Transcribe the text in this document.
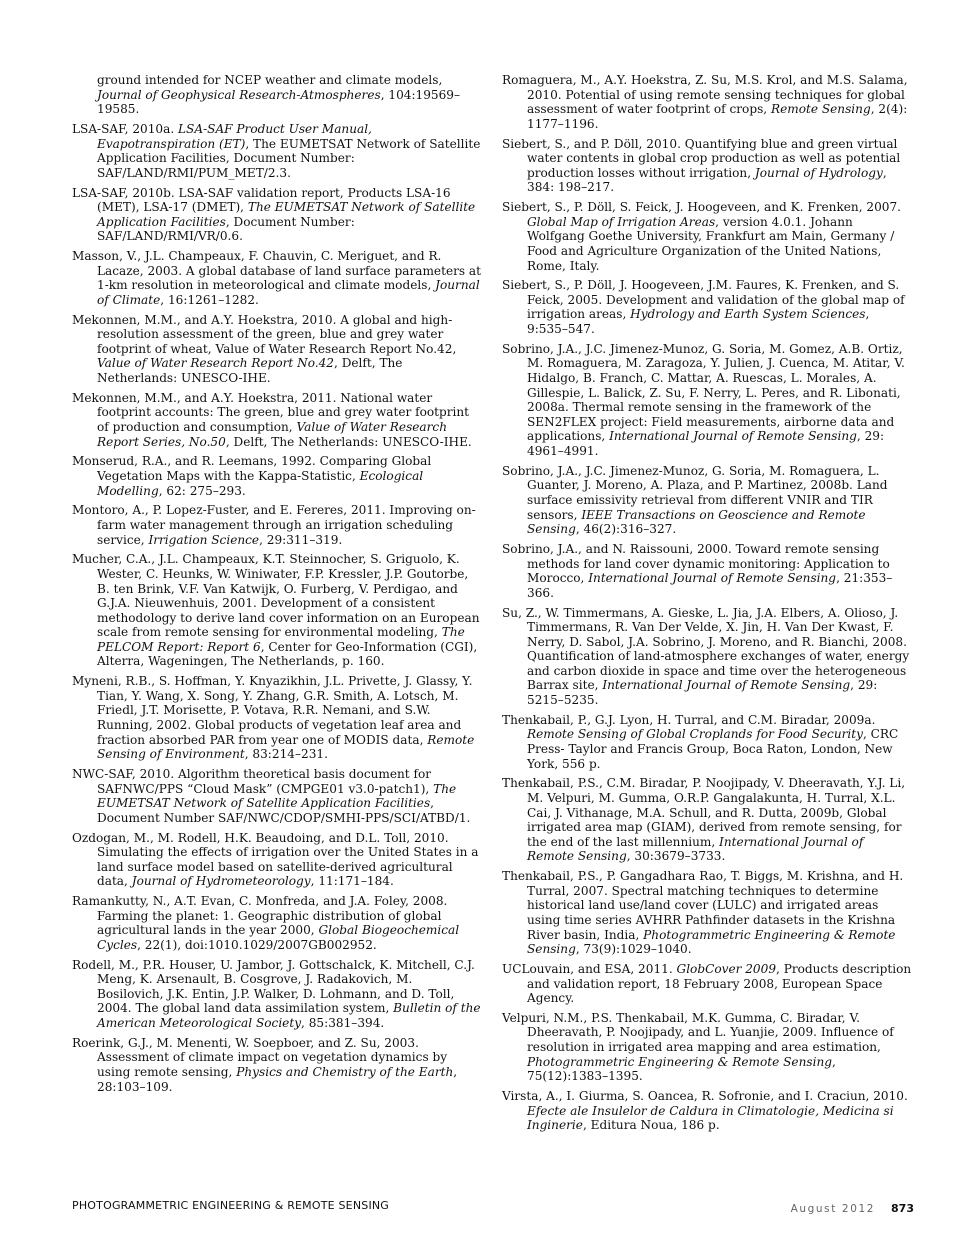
ground intended for NCEP weather and climate models, Journal of Geophysical Research-Atmospheres, 104:19569–19585.

LSA-SAF, 2010a. LSA-SAF Product User Manual, Evapotranspiration (ET), The EUMETSAT Network of Satellite Application Facilities, Document Number: SAF/LAND/RMI/PUM_MET/2.3.

LSA-SAF, 2010b. LSA-SAF validation report, Products LSA-16 (MET), LSA-17 (DMET), The EUMETSAT Network of Satellite Application Facilities, Document Number: SAF/LAND/RMI/VR/0.6.

Masson, V., J.L. Champeaux, F. Chauvin, C. Meriguet, and R. Lacaze, 2003. A global database of land surface parameters at 1-km resolution in meteorological and climate models, Journal of Climate, 16:1261–1282.

Mekonnen, M.M., and A.Y. Hoekstra, 2010. A global and high-resolution assessment of the green, blue and grey water footprint of wheat, Value of Water Research Report No.42, Value of Water Research Report No.42, Delft, The Netherlands: UNESCO-IHE.

Mekonnen, M.M., and A.Y. Hoekstra, 2011. National water footprint accounts: The green, blue and grey water footprint of production and consumption, Value of Water Research Report Series, No.50, Delft, The Netherlands: UNESCO-IHE.

Monserud, R.A., and R. Leemans, 1992. Comparing Global Vegetation Maps with the Kappa-Statistic, Ecological Modelling, 62: 275–293.

Montoro, A., P. Lopez-Fuster, and E. Fereres, 2011. Improving on-farm water management through an irrigation scheduling service, Irrigation Science, 29:311–319.

Mucher, C.A., J.L. Champeaux, K.T. Steinnocher, S. Griguolo, K. Wester, C. Heunks, W. Winiwater, F.P. Kressler, J.P. Goutorbe, B. ten Brink, V.F. Van Katwijk, O. Furberg, V. Perdigao, and G.J.A. Nieuwenhuis, 2001. Development of a consistent methodology to derive land cover information on an European scale from remote sensing for environmental modeling, The PELCOM Report: Report 6, Center for Geo-Information (CGI), Alterra, Wageningen, The Netherlands, p. 160.

Myneni, R.B., S. Hoffman, Y. Knyazikhin, J.L. Privette, J. Glassy, Y. Tian, Y. Wang, X. Song, Y. Zhang, G.R. Smith, A. Lotsch, M. Friedl, J.T. Morisette, P. Votava, R.R. Nemani, and S.W. Running, 2002. Global products of vegetation leaf area and fraction absorbed PAR from year one of MODIS data, Remote Sensing of Environment, 83:214–231.

NWC-SAF, 2010. Algorithm theoretical basis document for SAFNWC/PPS “Cloud Mask” (CMPGE01 v3.0-patch1), The EUMETSAT Network of Satellite Application Facilities, Document Number SAF/NWC/CDOP/SMHI-PPS/SCI/ATBD/1.

Ozdogan, M., M. Rodell, H.K. Beaudoing, and D.L. Toll, 2010. Simulating the effects of irrigation over the United States in a land surface model based on satellite-derived agricultural data, Journal of Hydrometeorology, 11:171–184.

Ramankutty, N., A.T. Evan, C. Monfreda, and J.A. Foley, 2008. Farming the planet: 1. Geographic distribution of global agricultural lands in the year 2000, Global Biogeochemical Cycles, 22(1), doi:1010.1029/2007GB002952.

Rodell, M., P.R. Houser, U. Jambor, J. Gottschalck, K. Mitchell, C.J. Meng, K. Arsenault, B. Cosgrove, J. Radakovich, M. Bosilovich, J.K. Entin, J.P. Walker, D. Lohmann, and D. Toll, 2004. The global land data assimilation system, Bulletin of the American Meteorological Society, 85:381–394.

Roerink, G.J., M. Menenti, W. Soepboer, and Z. Su, 2003. Assessment of climate impact on vegetation dynamics by using remote sensing, Physics and Chemistry of the Earth, 28:103–109.

Romaguera, M., A.Y. Hoekstra, Z. Su, M.S. Krol, and M.S. Salama, 2010. Potential of using remote sensing techniques for global assessment of water footprint of crops, Remote Sensing, 2(4): 1177–1196.

Siebert, S., and P. Döll, 2010. Quantifying blue and green virtual water contents in global crop production as well as potential production losses without irrigation, Journal of Hydrology, 384: 198–217.

Siebert, S., P. Döll, S. Feick, J. Hoogeveen, and K. Frenken, 2007. Global Map of Irrigation Areas, version 4.0.1. Johann Wolfgang Goethe University, Frankfurt am Main, Germany / Food and Agriculture Organization of the United Nations, Rome, Italy.

Siebert, S., P. Döll, J. Hoogeveen, J.M. Faures, K. Frenken, and S. Feick, 2005. Development and validation of the global map of irrigation areas, Hydrology and Earth System Sciences, 9:535–547.

Sobrino, J.A., J.C. Jimenez-Munoz, G. Soria, M. Gomez, A.B. Ortiz, M. Romaguera, M. Zaragoza, Y. Julien, J. Cuenca, M. Atitar, V. Hidalgo, B. Franch, C. Mattar, A. Ruescas, L. Morales, A. Gillespie, L. Balick, Z. Su, F. Nerry, L. Peres, and R. Libonati, 2008a. Thermal remote sensing in the framework of the SEN2FLEX project: Field measurements, airborne data and applications, International Journal of Remote Sensing, 29: 4961–4991.

Sobrino, J.A., J.C. Jimenez-Munoz, G. Soria, M. Romaguera, L. Guanter, J. Moreno, A. Plaza, and P. Martinez, 2008b. Land surface emissivity retrieval from different VNIR and TIR sensors, IEEE Transactions on Geoscience and Remote Sensing, 46(2):316–327.

Sobrino, J.A., and N. Raissouni, 2000. Toward remote sensing methods for land cover dynamic monitoring: Application to Morocco, International Journal of Remote Sensing, 21:353–366.

Su, Z., W. Timmermans, A. Gieske, L. Jia, J.A. Elbers, A. Olioso, J. Timmermans, R. Van Der Velde, X. Jin, H. Van Der Kwast, F. Nerry, D. Sabol, J.A. Sobrino, J. Moreno, and R. Bianchi, 2008. Quantification of land-atmosphere exchanges of water, energy and carbon dioxide in space and time over the heterogeneous Barrax site, International Journal of Remote Sensing, 29: 5215–5235.

Thenkabail, P., G.J. Lyon, H. Turral, and C.M. Biradar, 2009a. Remote Sensing of Global Croplands for Food Security, CRC Press- Taylor and Francis Group, Boca Raton, London, New York, 556 p.

Thenkabail, P.S., C.M. Biradar, P. Noojipady, V. Dheeravath, Y.J. Li, M. Velpuri, M. Gumma, O.R.P. Gangalakunta, H. Turral, X.L. Cai, J. Vithanage, M.A. Schull, and R. Dutta, 2009b, Global irrigated area map (GIAM), derived from remote sensing, for the end of the last millennium, International Journal of Remote Sensing, 30:3679–3733.

Thenkabail, P.S., P. Gangadhara Rao, T. Biggs, M. Krishna, and H. Turral, 2007. Spectral matching techniques to determine historical land use/land cover (LULC) and irrigated areas using time series AVHRR Pathfinder datasets in the Krishna River basin, India, Photogrammetric Engineering & Remote Sensing, 73(9):1029–1040.

UCLouvain, and ESA, 2011. GlobCover 2009, Products description and validation report, 18 February 2008, European Space Agency.

Velpuri, N.M., P.S. Thenkabail, M.K. Gumma, C. Biradar, V. Dheeravath, P. Noojipady, and L. Yuanjie, 2009. Influence of resolution in irrigated area mapping and area estimation, Photogrammetric Engineering & Remote Sensing, 75(12):1383–1395.

Virsta, A., I. Giurma, S. Oancea, R. Sofronie, and I. Craciun, 2010. Efecte ale Insulelor de Caldura in Climatologie, Medicina si Inginerie, Editura Noua, 186 p.

PHOTOGRAMMETRIC ENGINEERING & REMOTE SENSING	August 2012 873
